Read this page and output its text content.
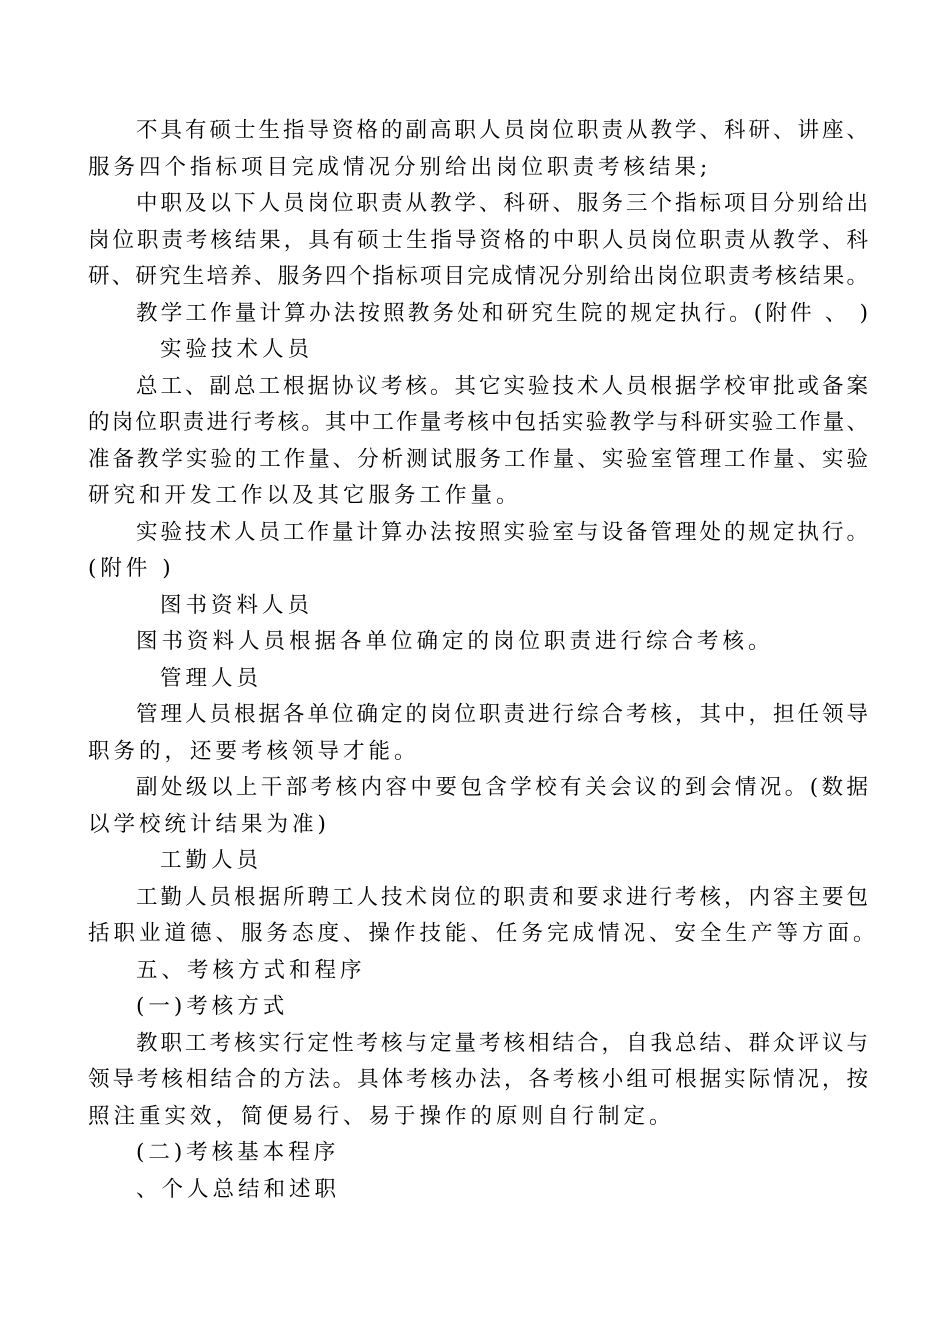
不具有硕士生指导资格的副高职人员岗位职责从教学、科研、讲座、
服务四个指标项目完成情况分别给出岗位职责考核结果;
中职及以下人员岗位职责从教学、科研、服务三个指标项目分别给出
岗位职责考核结果，具有硕士生指导资格的中职人员岗位职责从教学、科
研、研究生培养、服务四个指标项目完成情况分别给出岗位职责考核结果。
教学工作量计算办法按照教务处和研究生院的规定执行。(附件 、 )
实验技术人员
总工、副总工根据协议考核。其它实验技术人员根据学校审批或备案
的岗位职责进行考核。其中工作量考核中包括实验教学与科研实验工作量、
准备教学实验的工作量、分析测试服务工作量、实验室管理工作量、实验
研究和开发工作以及其它服务工作量。
实验技术人员工作量计算办法按照实验室与设备管理处的规定执行。
(附件 )
图书资料人员
图书资料人员根据各单位确定的岗位职责进行综合考核。
管理人员
管理人员根据各单位确定的岗位职责进行综合考核，其中，担任领导
职务的，还要考核领导才能。
副处级以上干部考核内容中要包含学校有关会议的到会情况。(数据
以学校统计结果为准)
工勤人员
工勤人员根据所聘工人技术岗位的职责和要求进行考核，内容主要包
括职业道德、服务态度、操作技能、任务完成情况、安全生产等方面。
五、考核方式和程序
(一)考核方式
教职工考核实行定性考核与定量考核相结合，自我总结、群众评议与
领导考核相结合的方法。具体考核办法，各考核小组可根据实际情况，按
照注重实效，简便易行、易于操作的原则自行制定。
(二)考核基本程序
、个人总结和述职
